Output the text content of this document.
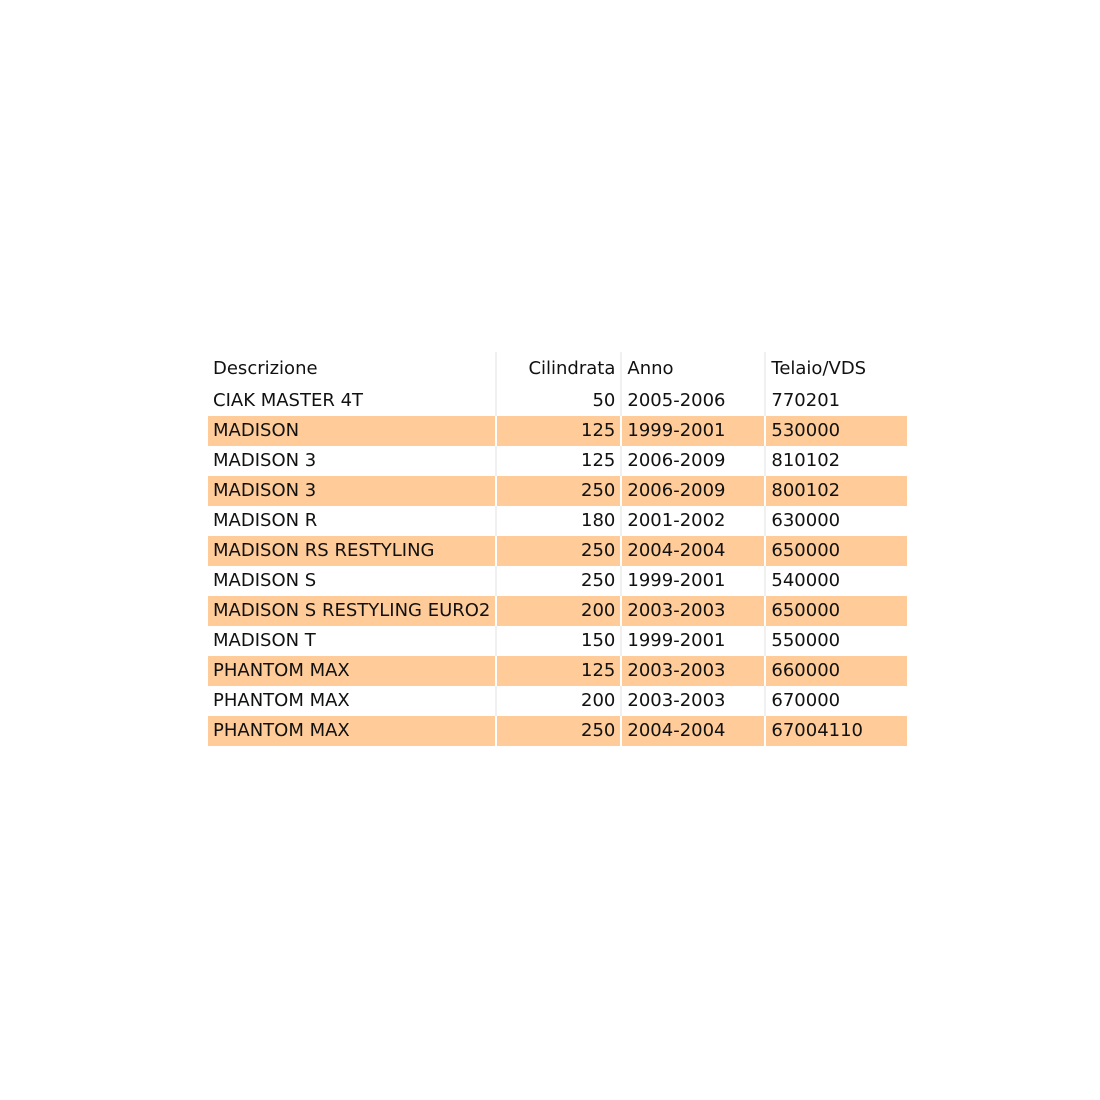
Descrizione	Cilindrata	Anno	Telaio/VDS
CIAK MASTER 4T	50	2005-2006	770201
MADISON	125	1999-2001	530000
MADISON 3	125	2006-2009	810102
MADISON 3	250	2006-2009	800102
MADISON R	180	2001-2002	630000
MADISON RS RESTYLING	250	2004-2004	650000
MADISON S	250	1999-2001	540000
MADISON S RESTYLING EURO2	200	2003-2003	650000
MADISON T	150	1999-2001	550000
PHANTOM MAX	125	2003-2003	660000
PHANTOM MAX	200	2003-2003	670000
PHANTOM MAX	250	2004-2004	67004110
